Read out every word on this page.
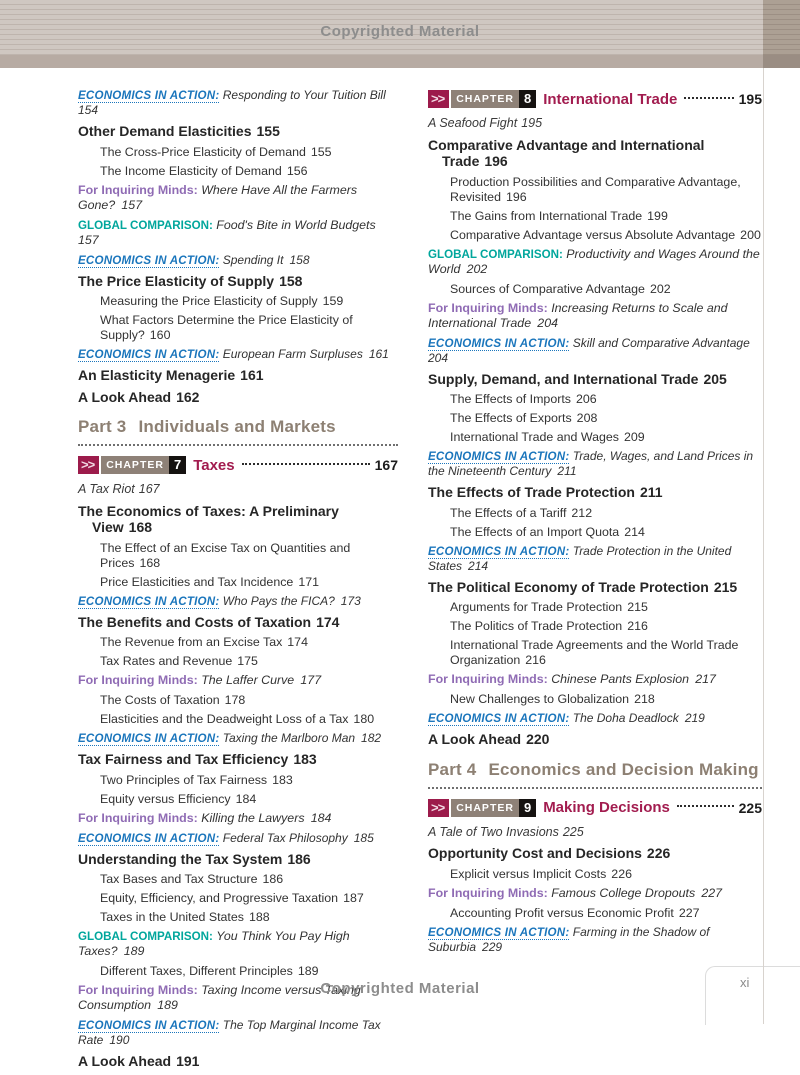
Copyrighted Material
ECONOMICS IN ACTION: Responding to Your Tuition Bill 154
Other Demand Elasticities 155
The Cross-Price Elasticity of Demand 155
The Income Elasticity of Demand 156
For Inquiring Minds: Where Have All the Farmers Gone?  157
GLOBAL COMPARISON: Food's Bite in World Budgets 157
ECONOMICS IN ACTION: Spending It  158
The Price Elasticity of Supply 158
Measuring the Price Elasticity of Supply 159
What Factors Determine the Price Elasticity of Supply? 160
ECONOMICS IN ACTION: European Farm Surpluses  161
An Elasticity Menagerie 161
A Look Ahead 162
Part 3 Individuals and Markets
>>	CHAPTER 7 Taxes	167
A Tax Riot 167
The Economics of Taxes: A Preliminary View 168
The Effect of an Excise Tax on Quantities and Prices 168
Price Elasticities and Tax Incidence 171
ECONOMICS IN ACTION: Who Pays the FICA?  173
The Benefits and Costs of Taxation 174
The Revenue from an Excise Tax 174
Tax Rates and Revenue 175
For Inquiring Minds: The Laffer Curve  177
The Costs of Taxation 178
Elasticities and the Deadweight Loss of a Tax 180
ECONOMICS IN ACTION: Taxing the Marlboro Man  182
Tax Fairness and Tax Efficiency 183
Two Principles of Tax Fairness 183
Equity versus Efficiency 184
For Inquiring Minds: Killing the Lawyers  184
ECONOMICS IN ACTION: Federal Tax Philosophy  185
Understanding the Tax System 186
Tax Bases and Tax Structure 186
Equity, Efficiency, and Progressive Taxation 187
Taxes in the United States 188
GLOBAL COMPARISON: You Think You Pay High Taxes?  189
Different Taxes, Different Principles 189
For Inquiring Minds: Taxing Income versus Taxing Consumption  189
ECONOMICS IN ACTION: The Top Marginal Income Tax Rate  190
A Look Ahead 191
>>	CHAPTER 8 International Trade	195
A Seafood Fight 195
Comparative Advantage and International Trade 196
Production Possibilities and Comparative Advantage, Revisited 196
The Gains from International Trade 199
Comparative Advantage versus Absolute Advantage 200
GLOBAL COMPARISON: Productivity and Wages Around the World  202
Sources of Comparative Advantage 202
For Inquiring Minds: Increasing Returns to Scale and International Trade  204
ECONOMICS IN ACTION: Skill and Comparative Advantage 204
Supply, Demand, and International Trade 205
The Effects of Imports 206
The Effects of Exports 208
International Trade and Wages 209
ECONOMICS IN ACTION: Trade, Wages, and Land Prices in the Nineteenth Century  211
The Effects of Trade Protection 211
The Effects of a Tariff 212
The Effects of an Import Quota 214
ECONOMICS IN ACTION: Trade Protection in the United States  214
The Political Economy of Trade Protection 215
Arguments for Trade Protection 215
The Politics of Trade Protection 216
International Trade Agreements and the World Trade Organization 216
For Inquiring Minds: Chinese Pants Explosion  217
New Challenges to Globalization 218
ECONOMICS IN ACTION: The Doha Deadlock  219
A Look Ahead 220
Part 4 Economics and Decision Making
>>	CHAPTER 9 Making Decisions	225
A Tale of Two Invasions 225
Opportunity Cost and Decisions 226
Explicit versus Implicit Costs 226
For Inquiring Minds: Famous College Dropouts  227
Accounting Profit versus Economic Profit 227
ECONOMICS IN ACTION: Farming in the Shadow of Suburbia  229
Copyrighted Material	xi
